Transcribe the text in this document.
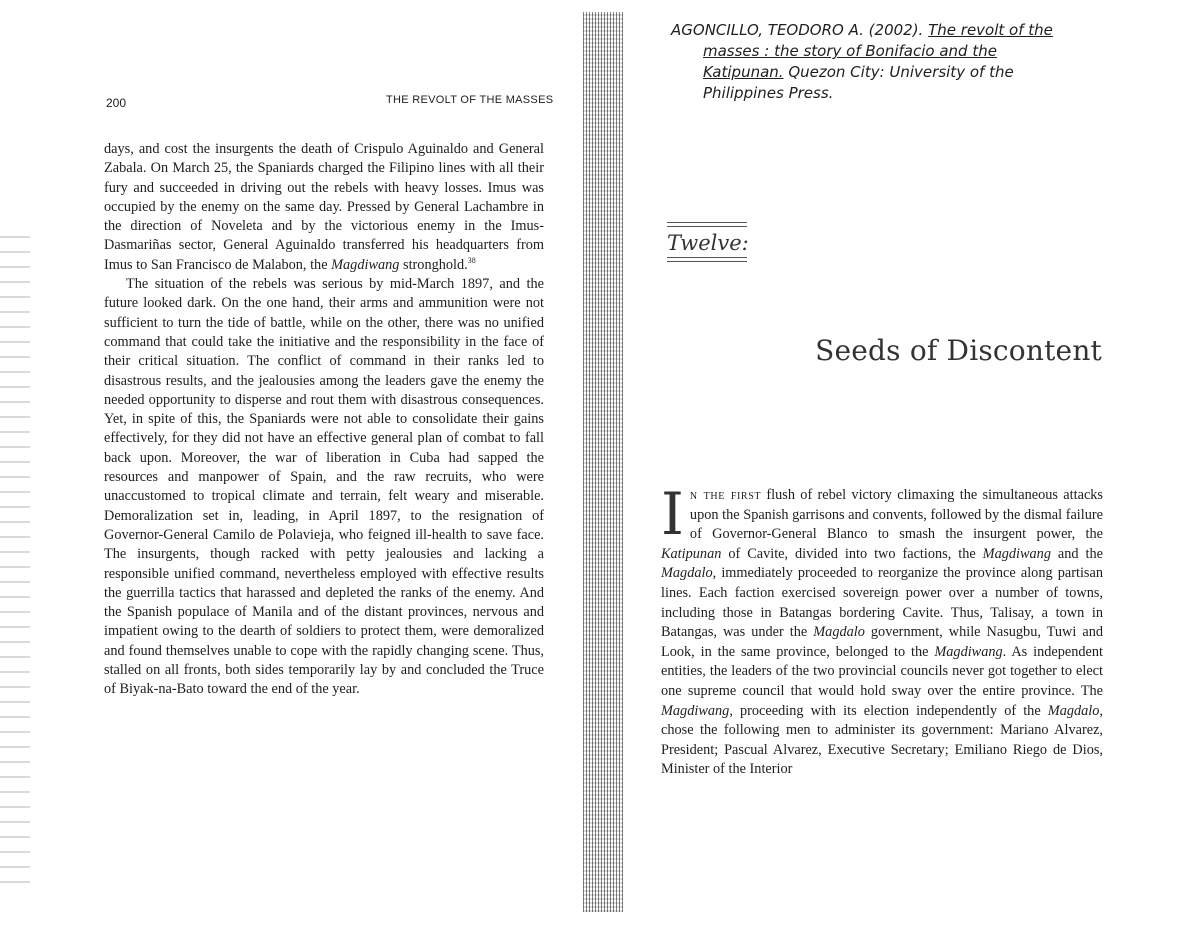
200	THE REVOLT OF THE MASSES

days, and cost the insurgents the death of Crispulo Aguinaldo and General Zabala. On March 25, the Spaniards charged the Filipino lines with all their fury and succeeded in driving out the rebels with heavy losses. Imus was occupied by the enemy on the same day. Pressed by General Lachambre in the direction of Noveleta and by the victorious enemy in the Imus-Dasmariñas sector, General Aguinaldo transferred his headquarters from Imus to San Francisco de Malabon, the Magdiwang stronghold.$^{38}$

The situation of the rebels was serious by mid-March 1897, and the future looked dark. On the one hand, their arms and ammunition were not sufficient to turn the tide of battle, while on the other, there was no unified command that could take the initiative and the responsibility in the face of their critical situation. The conflict of command in their ranks led to disastrous results, and the jealousies among the leaders gave the enemy the needed opportunity to disperse and rout them with disastrous consequences. Yet, in spite of this, the Spaniards were not able to consolidate their gains effectively, for they did not have an effective general plan of combat to fall back upon. Moreover, the war of liberation in Cuba had sapped the resources and manpower of Spain, and the raw recruits, who were unaccustomed to tropical climate and terrain, felt weary and miserable. Demoralization set in, leading, in April 1897, to the resignation of Governor-General Camilo de Polavieja, who feigned ill-health to save face. The insurgents, though racked with petty jealousies and lacking a responsible unified command, nevertheless employed with effective results the guerrilla tactics that harassed and depleted the ranks of the enemy. And the Spanish populace of Manila and of the distant provinces, nervous and impatient owing to the dearth of soldiers to protect them, were demoralized and found themselves unable to cope with the rapidly changing scene. Thus, stalled on all fronts, both sides temporarily lay by and concluded the Truce of Biyak-na-Bato toward the end of the year.

AGONCILLO, TEODORO A. (2002). The revolt of the
masses : the story of Bonifacio and the
Katipunan. Quezon City: University of the
Philippines Press.
Twelve:
Seeds of Discontent
In the first flush of rebel victory climaxing the simultaneous attacks upon the Spanish garrisons and convents, followed by the dismal failure of Governor-General Blanco to smash the insurgent power, the Katipunan of Cavite, divided into two factions, the Magdiwang and the Magdalo, immediately proceeded to reorganize the province along partisan lines. Each faction exercised sovereign power over a number of towns, including those in Batangas bordering Cavite. Thus, Talisay, a town in Batangas, was under the Magdalo government, while Nasugbu, Tuwi and Look, in the same province, belonged to the Magdiwang. As independent entities, the leaders of the two provincial councils never got together to elect one supreme council that would hold sway over the entire province. The Magdiwang, proceeding with its election independently of the Magdalo, chose the following men to administer its government: Mariano Alvarez, President; Pascual Alvarez, Executive Secretary; Emiliano Riego de Dios, Minister of the Interior
